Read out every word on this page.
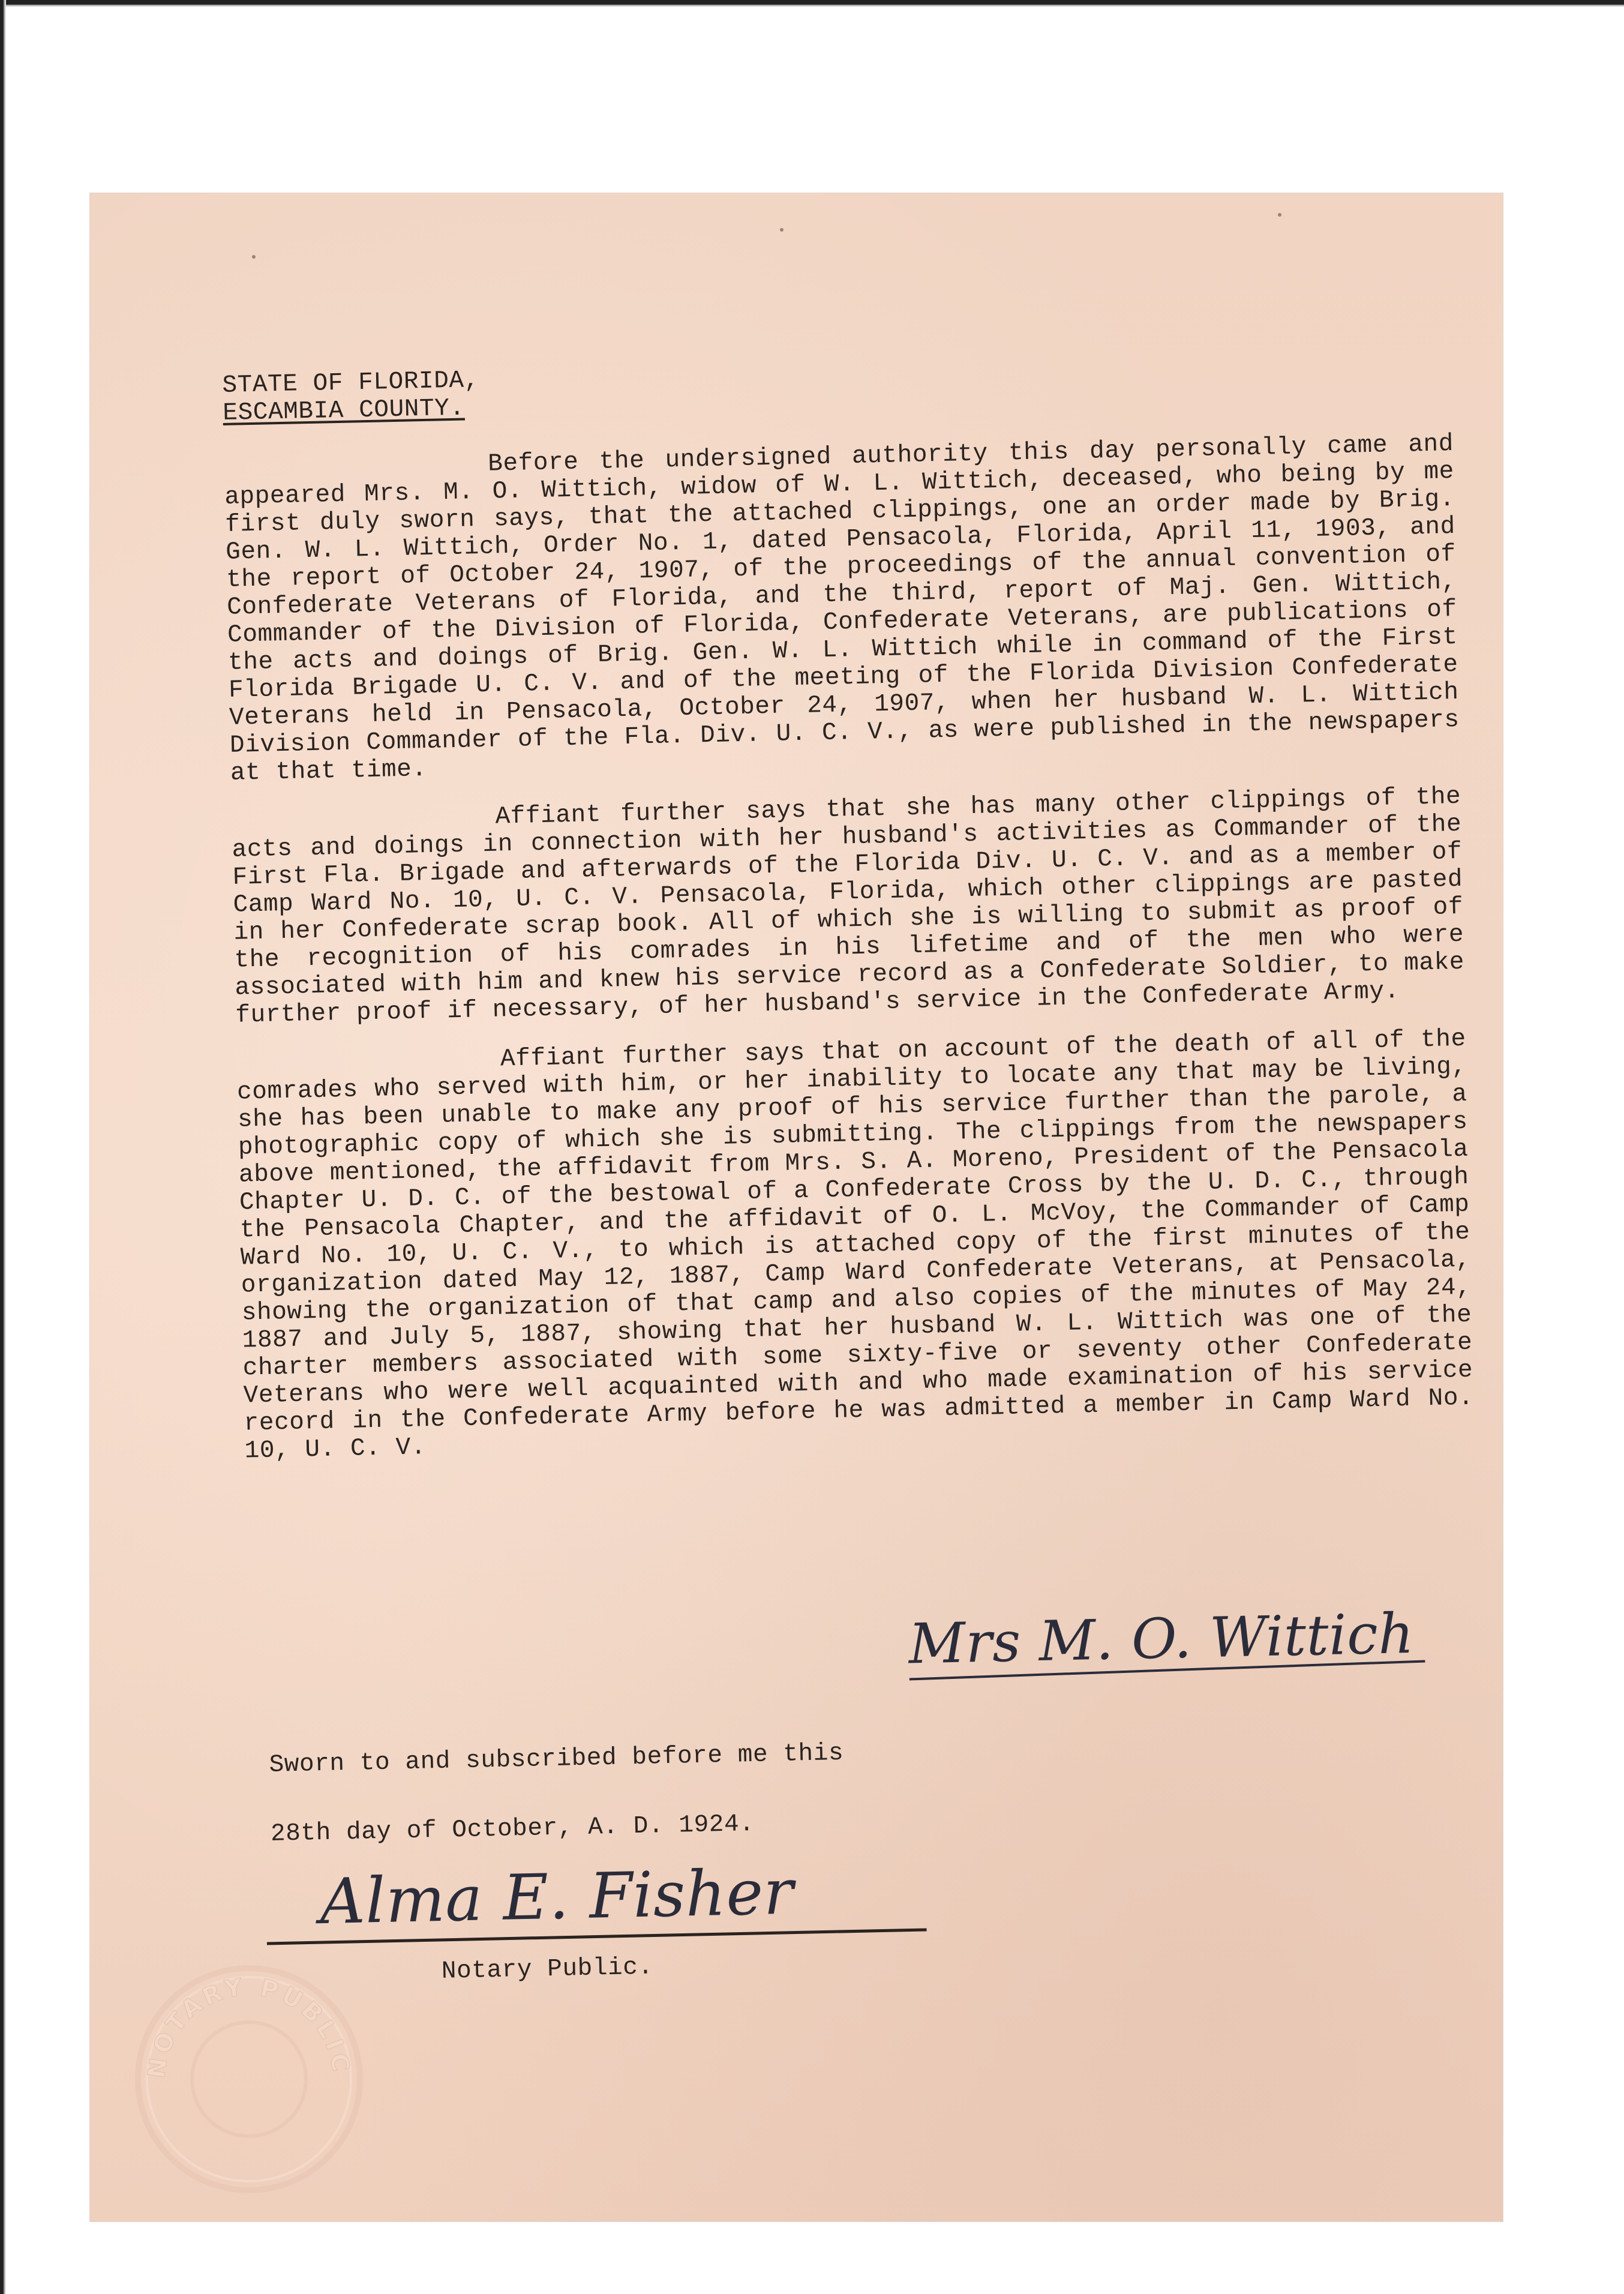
STATE OF FLORIDA,
ESCAMBIA COUNTY.

Before the undersigned authority this day personally came and appeared Mrs. M. O. Wittich, widow of W. L. Wittich, deceased, who being by me first duly sworn says, that the attached clippings, one an order made by Brig. Gen. W. L. Wittich, Order No. 1, dated Pensacola, Florida, April 11, 1903, and the report of October 24, 1907, of the proceedings of the annual convention of Confederate Veterans of Florida, and the third, report of Maj. Gen. Wittich, Commander of the Division of Florida, Confederate Veterans, are publications of the acts and doings of Brig. Gen. W. L. Wittich while in command of the First Florida Brigade U. C. V. and of the meeting of the Florida Division Confederate Veterans held in Pensacola, October 24, 1907, when her husband W. L. Wittich Division Commander of the Fla. Div. U. C. V., as were published in the newspapers at that time.

Affiant further says that she has many other clippings of the acts and doings in connection with her husband's activities as Commander of the First Fla. Brigade and afterwards of the Florida Div. U. C. V. and as a member of Camp Ward No. 10, U. C. V. Pensacola, Florida, which other clippings are pasted in her Confederate scrap book. All of which she is willing to submit as proof of the recognition of his comrades in his lifetime and of the men who were associated with him and knew his service record as a Confederate Soldier, to make further proof if necessary, of her husband's service in the Confederate Army.

Affiant further says that on account of the death of all of the comrades who served with him, or her inability to locate any that may be living, she has been unable to make any proof of his service further than the parole, a photographic copy of which she is submitting. The clippings from the newspapers above mentioned, the affidavit from Mrs. S. A. Moreno, President of the Pensacola Chapter U. D. C. of the bestowal of a Confederate Cross by the U. D. C., through the Pensacola Chapter, and the affidavit of O. L. McVoy, the Commander of Camp Ward No. 10, U. C. V., to which is attached copy of the first minutes of the organization dated May 12, 1887, Camp Ward Confederate Veterans, at Pensacola, showing the organization of that camp and also copies of the minutes of May 24, 1887 and July 5, 1887, showing that her husband W. L. Wittich was one of the charter members associated with some sixty-five or seventy other Confederate Veterans who were well acquainted with and who made examination of his service record in the Confederate Army before he was admitted a member in Camp Ward No. 10, U. C. V.

Mrs M. O. Wittich
Sworn to and subscribed before me this
28th day of October, A. D. 1924.
Alma E. Fisher
Notary Public.
NOTARY PUBLIC
